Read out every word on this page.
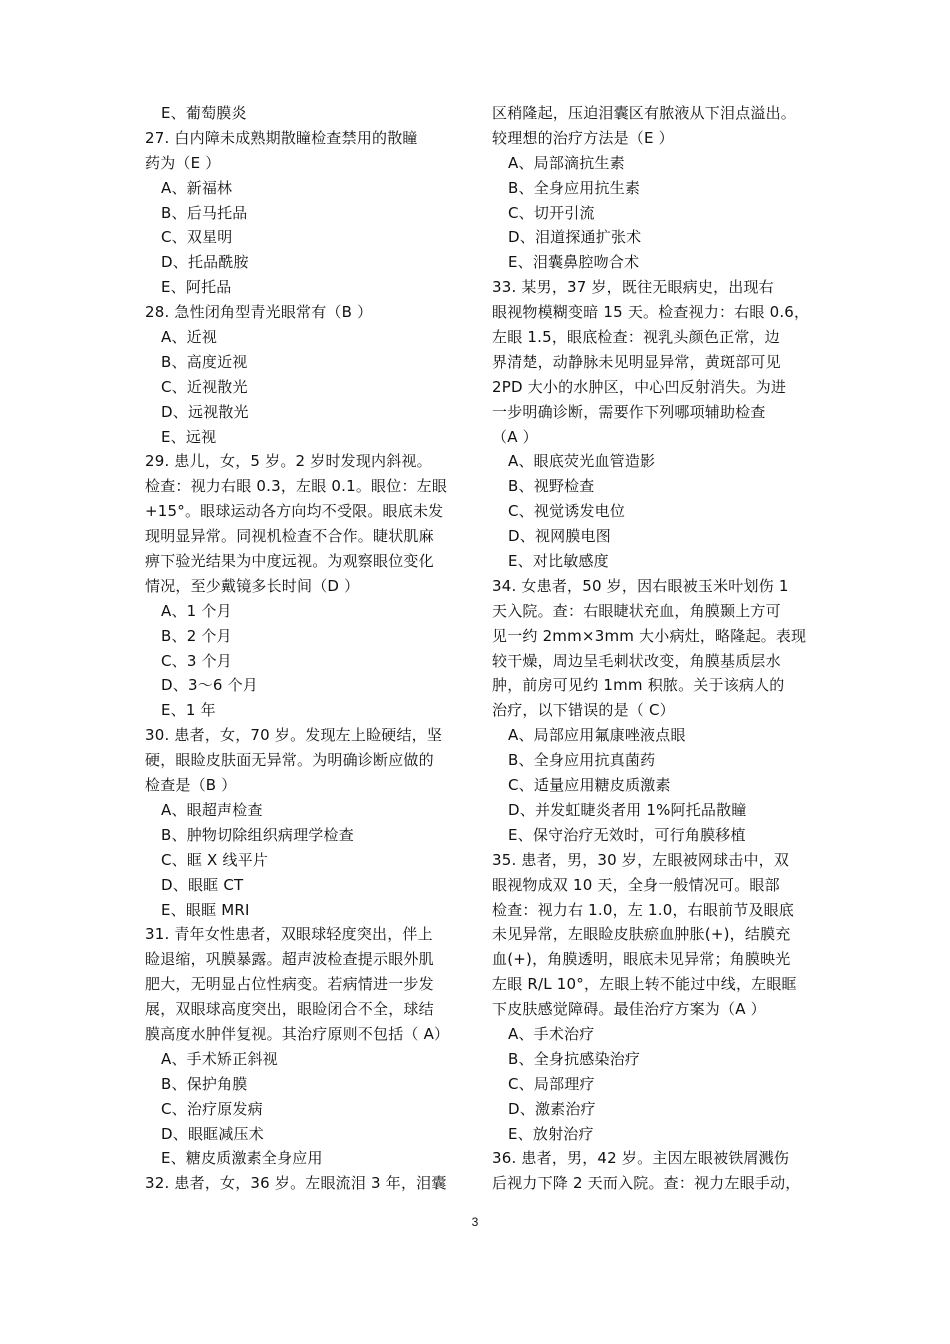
E、葡萄膜炎
27. 白内障未成熟期散瞳检查禁用的散瞳
药为（E ）
A、新福林
B、后马托品
C、双星明
D、托品酰胺
E、阿托品
28. 急性闭角型青光眼常有（B ）
A、近视
B、高度近视
C、近视散光
D、远视散光
E、远视
29. 患儿，女，5 岁。2 岁时发现内斜视。
检查：视力右眼 0.3，左眼 0.1。眼位：左眼
+15°。眼球运动各方向均不受限。眼底未发
现明显异常。同视机检查不合作。睫状肌麻
痹下验光结果为中度远视。为观察眼位变化
情况，至少戴镜多长时间（D ）
A、1 个月
B、2 个月
C、3 个月
D、3～6 个月
E、1 年
30. 患者，女，70 岁。发现左上睑硬结，坚
硬，眼睑皮肤面无异常。为明确诊断应做的
检查是（B ）
A、眼超声检查
B、肿物切除组织病理学检查
C、眶 X 线平片
D、眼眶 CT
E、眼眶 MRI
31. 青年女性患者，双眼球轻度突出，伴上
睑退缩，巩膜暴露。超声波检查提示眼外肌
肥大，无明显占位性病变。若病情进一步发
展，双眼球高度突出，眼睑闭合不全，球结
膜高度水肿伴复视。其治疗原则不包括（ A）
A、手术矫正斜视
B、保护角膜
C、治疗原发病
D、眼眶减压术
E、糖皮质激素全身应用
32. 患者，女，36 岁。左眼流泪 3 年，泪囊
区稍隆起，压迫泪囊区有脓液从下泪点溢出。
较理想的治疗方法是（E ）
A、局部滴抗生素
B、全身应用抗生素
C、切开引流
D、泪道探通扩张术
E、泪囊鼻腔吻合术
33. 某男，37 岁，既往无眼病史，出现右
眼视物模糊变暗 15 天。检查视力：右眼 0.6，
左眼 1.5，眼底检查：视乳头颜色正常，边
界清楚，动静脉未见明显异常，黄斑部可见
2PD 大小的水肿区，中心凹反射消失。为进
一步明确诊断，需要作下列哪项辅助检查
（A ）
A、眼底荧光血管造影
B、视野检查
C、视觉诱发电位
D、视网膜电图
E、对比敏感度
34. 女患者，50 岁，因右眼被玉米叶划伤 1
天入院。查：右眼睫状充血，角膜颞上方可
见一约 2mm×3mm 大小病灶，略隆起。表现
较干燥，周边呈毛刺状改变，角膜基质层水
肿，前房可见约 1mm 积脓。关于该病人的
治疗，以下错误的是（ C）
A、局部应用氟康唑液点眼
B、全身应用抗真菌药
C、适量应用糖皮质激素
D、并发虹睫炎者用 1%阿托品散瞳
E、保守治疗无效时，可行角膜移植
35. 患者，男，30 岁，左眼被网球击中，双
眼视物成双 10 天，全身一般情况可。眼部
检查：视力右 1.0，左 1.0，右眼前节及眼底
未见异常，左眼睑皮肤瘀血肿胀(+)，结膜充
血(+)，角膜透明，眼底未见异常；角膜映光
左眼 R/L 10°，左眼上转不能过中线，左眼眶
下皮肤感觉障碍。最佳治疗方案为（A ）
A、手术治疗
B、全身抗感染治疗
C、局部理疗
D、激素治疗
E、放射治疗
36. 患者，男，42 岁。主因左眼被铁屑溅伤
后视力下降 2 天而入院。查：视力左眼手动，
3
